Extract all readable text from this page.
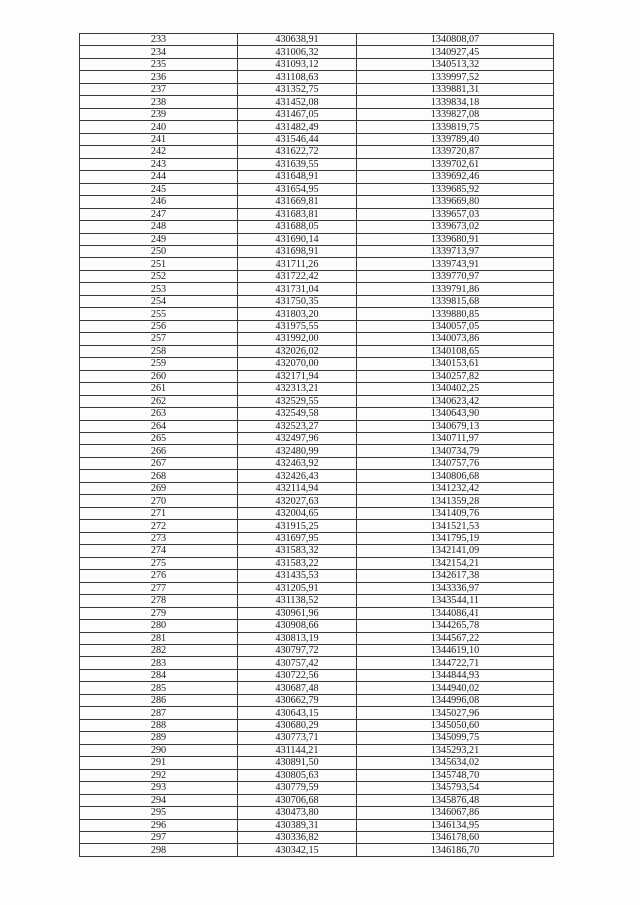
233	430638,91	1340808,07
234	431006,32	1340927,45
235	431093,12	1340513,32
236	431108,63	1339997,52
237	431352,75	1339881,31
238	431452,08	1339834,18
239	431467,05	1339827,08
240	431482,49	1339819,75
241	431546,44	1339789,40
242	431622,72	1339720,87
243	431639,55	1339702,61
244	431648,91	1339692,46
245	431654,95	1339685,92
246	431669,81	1339669,80
247	431683,81	1339657,03
248	431688,05	1339673,02
249	431690,14	1339680,91
250	431698,91	1339713,97
251	431711,26	1339743,91
252	431722,42	1339770,97
253	431731,04	1339791,86
254	431750,35	1339815,68
255	431803,20	1339880,85
256	431975,55	1340057,05
257	431992,00	1340073,86
258	432026,02	1340108,65
259	432070,00	1340153,61
260	432171,94	1340257,82
261	432313,21	1340402,25
262	432529,55	1340623,42
263	432549,58	1340643,90
264	432523,27	1340679,13
265	432497,96	1340711,97
266	432480,99	1340734,79
267	432463,92	1340757,76
268	432426,43	1340806,68
269	432114,94	1341232,42
270	432027,63	1341359,28
271	432004,65	1341409,76
272	431915,25	1341521,53
273	431697,95	1341795,19
274	431583,32	1342141,09
275	431583,22	1342154,21
276	431435,53	1342617,38
277	431205,91	1343336,97
278	431138,52	1343544,11
279	430961,96	1344086,41
280	430908,66	1344265,78
281	430813,19	1344567,22
282	430797,72	1344619,10
283	430757,42	1344722,71
284	430722,56	1344844,93
285	430687,48	1344940,02
286	430662,79	1344996,08
287	430643,15	1345027,96
288	430680,29	1345050,60
289	430773,71	1345099,75
290	431144,21	1345293,21
291	430891,50	1345634,02
292	430805,63	1345748,70
293	430779,59	1345793,54
294	430706,68	1345876,48
295	430473,80	1346067,86
296	430389,31	1346134,95
297	430336,82	1346178,60
298	430342,15	1346186,70
